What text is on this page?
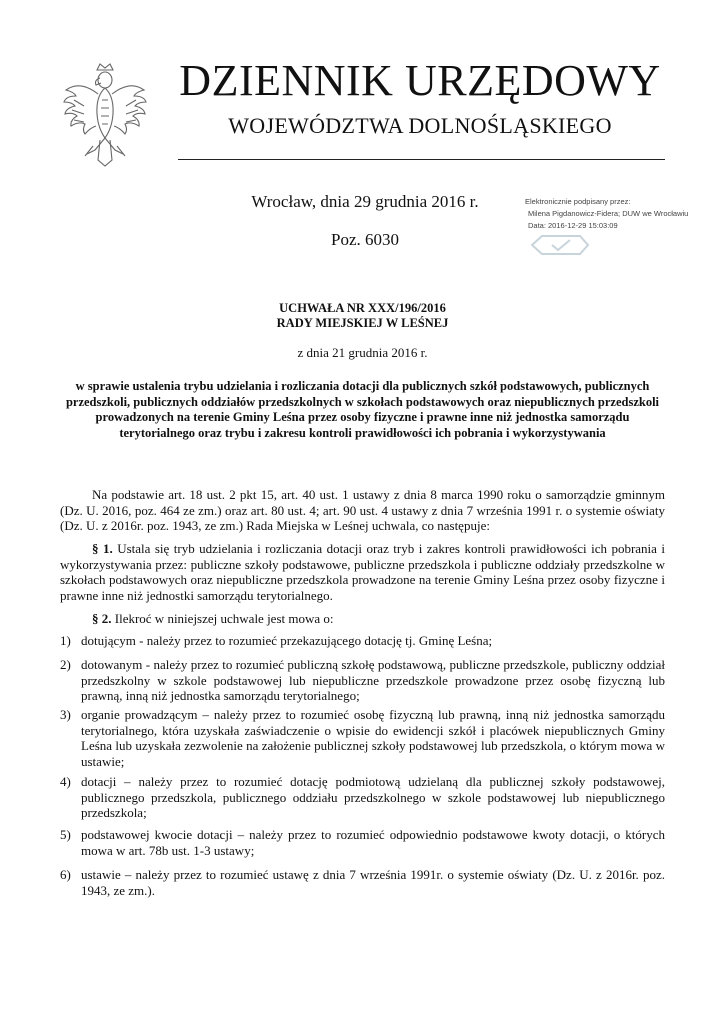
DZIENNIK URZĘDOWY
WOJEWÓDZTWA DOLNOŚLĄSKIEGO
Wrocław, dnia 29 grudnia 2016 r.
Poz. 6030
Elektronicznie podpisany przez:
Milena Pigdanowicz-Fidera; DUW we Wrocławiu
Data: 2016-12-29 15:03:09
UCHWAŁA NR XXX/196/2016
RADY MIEJSKIEJ W LEŚNEJ
z dnia 21 grudnia 2016 r.
w sprawie ustalenia trybu udzielania i rozliczania dotacji dla publicznych szkół podstawowych, publicznych przedszkoli, publicznych oddziałów przedszkolnych w szkołach podstawowych oraz niepublicznych przedszkoli prowadzonych na terenie Gminy Leśna przez osoby fizyczne i prawne inne niż jednostka samorządu terytorialnego oraz trybu i zakresu kontroli prawidłowości ich pobrania i wykorzystywania
Na podstawie art. 18 ust. 2 pkt 15, art. 40 ust. 1 ustawy z dnia 8 marca 1990 roku o samorządzie gminnym (Dz. U. 2016, poz. 464 ze zm.) oraz art. 80 ust. 4; art. 90 ust. 4 ustawy z dnia 7 września 1991 r. o systemie oświaty (Dz. U. z 2016r. poz. 1943, ze zm.) Rada Miejska w Leśnej uchwala, co następuje:
§ 1. Ustala się tryb udzielania i rozliczania dotacji oraz tryb i zakres kontroli prawidłowości ich pobrania i wykorzystywania przez: publiczne szkoły podstawowe, publiczne przedszkola i publiczne oddziały przedszkolne w szkołach podstawowych oraz niepubliczne przedszkola prowadzone na terenie Gminy Leśna przez osoby fizyczne i prawne inne niż jednostki samorządu terytorialnego.
§ 2. Ilekroć w niniejszej uchwale jest mowa o:
1) dotującym - należy przez to rozumieć przekazującego dotację tj. Gminę Leśna;
2) dotowanym - należy przez to rozumieć publiczną szkołę podstawową, publiczne przedszkole, publiczny oddział przedszkolny w szkole podstawowej lub niepubliczne przedszkole prowadzone przez osobę fizyczną lub prawną, inną niż jednostka samorządu terytorialnego;
3) organie prowadzącym – należy przez to rozumieć osobę fizyczną lub prawną, inną niż jednostka samorządu terytorialnego, która uzyskała zaświadczenie o wpisie do ewidencji szkół i placówek niepublicznych Gminy Leśna lub uzyskała zezwolenie na założenie publicznej szkoły podstawowej lub przedszkola, o którym mowa w ustawie;
4) dotacji – należy przez to rozumieć dotację podmiotową udzielaną dla publicznej szkoły podstawowej, publicznego przedszkola, publicznego oddziału przedszkolnego w szkole podstawowej lub niepublicznego przedszkola;
5) podstawowej kwocie dotacji – należy przez to rozumieć odpowiednio podstawowe kwoty dotacji, o których mowa w art. 78b ust. 1-3 ustawy;
6) ustawie – należy przez to rozumieć ustawę z dnia 7 września 1991r. o systemie oświaty (Dz. U. z 2016r. poz. 1943, ze zm.).
